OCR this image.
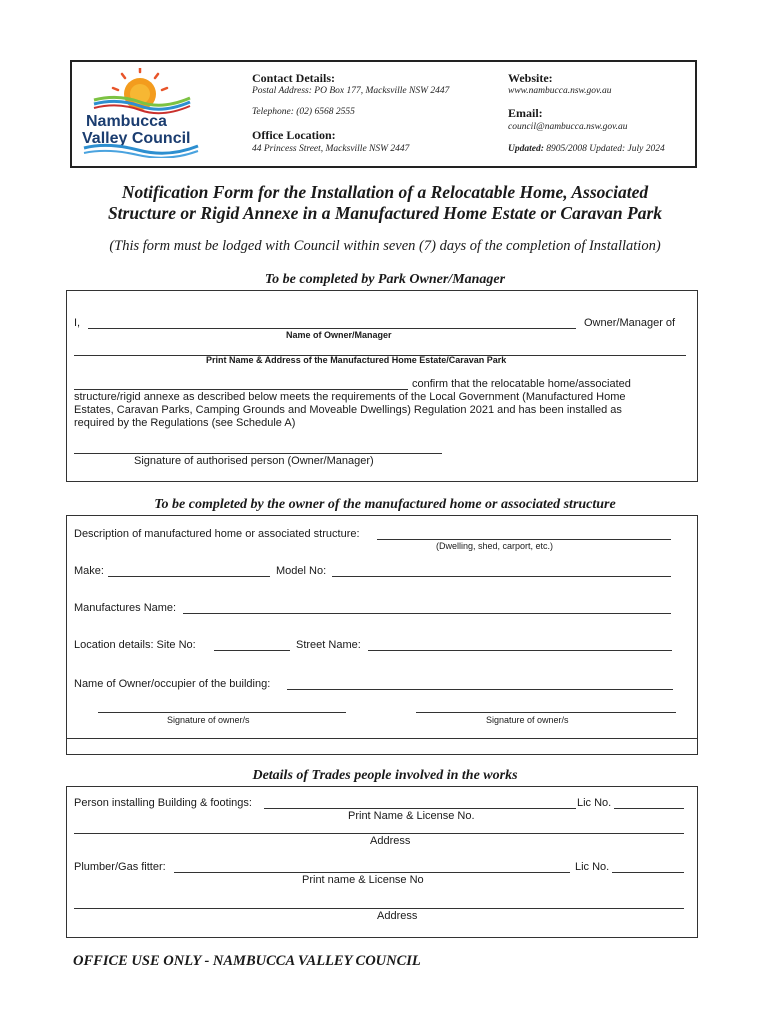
Nambucca
Valley Council
Contact Details:
Postal Address: PO Box 177, Macksville NSW 2447
Telephone: (02) 6568 2555
Office Location:
44 Princess Street, Macksville NSW 2447
Website:
www.nambucca.nsw.gov.au
Email:
council@nambucca.nsw.gov.au
Updated: 8905/2008 Updated: July 2024
Notification Form for the Installation of a Relocatable Home, Associated
Structure or Rigid Annexe in a Manufactured Home Estate or Caravan Park
(This form must be lodged with Council within seven (7) days of the completion of Installation)
To be completed by Park Owner/Manager
I,	Owner/Manager of
Name of Owner/Manager
Print Name & Address of the Manufactured Home Estate/Caravan Park
confirm that the relocatable home/associated
structure/rigid annexe as described below meets the requirements of the Local Government (Manufactured Home
Estates, Caravan Parks, Camping Grounds and Moveable Dwellings) Regulation 2021 and has been installed as
required by the Regulations (see Schedule A)
Signature of authorised person (Owner/Manager)
To be completed by the owner of the manufactured home or associated structure
Description of manufactured home or associated structure:
(Dwelling, shed, carport, etc.)
Make:	Model No:
Manufactures Name:
Location details: Site No:	Street Name:
Name of Owner/occupier of the building:
Signature of owner/s	Signature of owner/s
Details of Trades people involved in the works
Person installing Building & footings:	Lic No.
Print Name & License No.
Address
Plumber/Gas fitter:	Lic No.
Print name & License No
Address
OFFICE USE ONLY - NAMBUCCA VALLEY COUNCIL
